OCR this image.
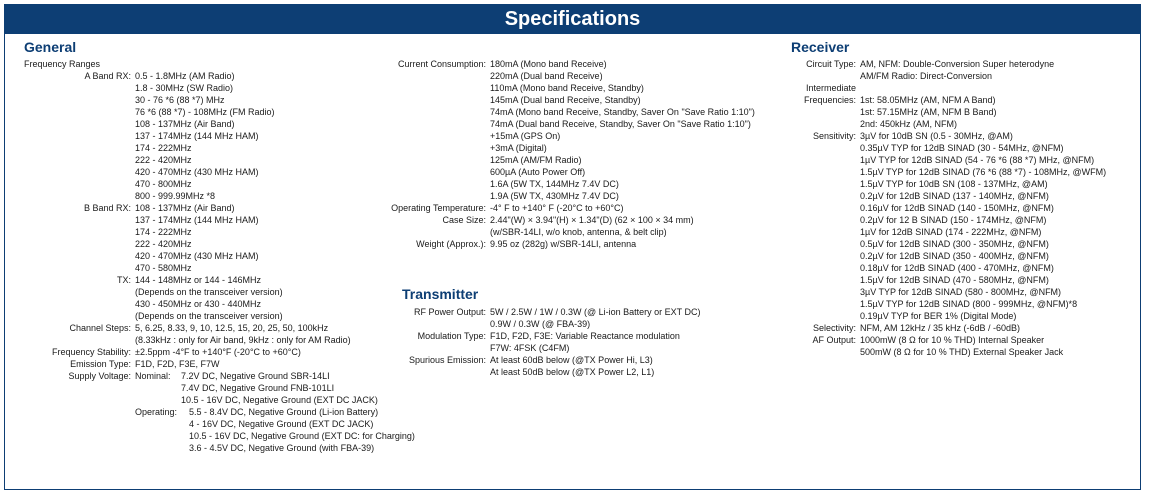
Specifications
General
Frequency Ranges
A Band RX: 0.5 - 1.8MHz (AM Radio)
1.8 - 30MHz (SW Radio)
30 - 76 *6 (88 *7) MHz
76 *6 (88 *7) - 108MHz (FM Radio)
108 - 137MHz (Air Band)
137 - 174MHz (144 MHz HAM)
174 - 222MHz
222 - 420MHz
420 - 470MHz (430 MHz HAM)
470 - 800MHz
800 - 999.99MHz *8
B Band RX: 108 - 137MHz (Air Band)
137 - 174MHz (144 MHz HAM)
174 - 222MHz
222 - 420MHz
420 - 470MHz (430 MHz HAM)
470 - 580MHz
TX: 144 - 148MHz or 144 - 146MHz
(Depends on the transceiver version)
430 - 450MHz or 430 - 440MHz
(Depends on the transceiver version)
Channel Steps: 5, 6.25, 8.33, 9, 10, 12.5, 15, 20, 25, 50, 100kHz
(8.33kHz : only for Air band, 9kHz : only for AM Radio)
Frequency Stability: ±2.5ppm -4°F to +140°F (-20°C to +60°C)
Emission Type: F1D, F2D, F3E, F7W
Supply Voltage: Nominal:	7.2V DC, Negative Ground SBR-14LI
7.4V DC, Negative Ground FNB-101LI
10.5 - 16V DC, Negative Ground (EXT DC JACK)
Operating:	5.5 - 8.4V DC, Negative Ground (Li-ion Battery)
4 - 16V DC, Negative Ground (EXT DC JACK)
10.5 - 16V DC, Negative Ground (EXT DC: for Charging)
3.6 - 4.5V DC, Negative Ground (with FBA-39)
Current Consumption: 180mA (Mono band Receive)
220mA (Dual band Receive)
110mA (Mono band Receive, Standby)
145mA (Dual band Receive, Standby)
74mA (Mono band Receive, Standby, Saver On "Save Ratio 1:10")
74mA (Dual band Receive, Standby, Saver On "Save Ratio 1:10")
+15mA (GPS On)
+3mA (Digital)
125mA (AM/FM Radio)
600µA (Auto Power Off)
1.6A (5W TX, 144MHz 7.4V DC)
1.9A (5W TX, 430MHz 7.4V DC)
Operating Temperature: -4° F to +140° F (-20°C to +60°C)
Case Size: 2.44"(W) × 3.94"(H) × 1.34"(D) (62 × 100 × 34 mm)
(w/SBR-14LI, w/o knob, antenna, & belt clip)
Weight (Approx.): 9.95 oz (282g) w/SBR-14LI, antenna
Transmitter
RF Power Output: 5W / 2.5W / 1W / 0.3W (@ Li-ion Battery or EXT DC)
0.9W / 0.3W (@ FBA-39)
Modulation Type: F1D, F2D, F3E: Variable Reactance modulation
F7W: 4FSK (C4FM)
Spurious Emission: At least 60dB below (@TX Power Hi, L3)
At least 50dB below (@TX Power L2, L1)
Receiver
Circuit Type: AM, NFM: Double-Conversion Super heterodyne
AM/FM Radio: Direct-Conversion
Intermediate
Frequencies: 1st: 58.05MHz (AM, NFM A Band)
1st: 57.15MHz (AM, NFM B Band)
2nd: 450kHz (AM, NFM)
Sensitivity: 3µV for 10dB SN (0.5 - 30MHz, @AM)
0.35µV TYP for 12dB SINAD (30 - 54MHz, @NFM)
1µV TYP for 12dB SINAD (54 - 76 *6 (88 *7) MHz, @NFM)
1.5µV TYP for 12dB SINAD (76 *6 (88 *7) - 108MHz, @WFM)
1.5µV TYP for 10dB SN (108 - 137MHz, @AM)
0.2µV for 12dB SINAD (137 - 140MHz, @NFM)
0.16µV for 12dB SINAD (140 - 150MHz, @NFM)
0.2µV for 12 B SINAD (150 - 174MHz, @NFM)
1µV for 12dB SINAD (174 - 222MHz, @NFM)
0.5µV for 12dB SINAD (300 - 350MHz, @NFM)
0.2µV for 12dB SINAD (350 - 400MHz, @NFM)
0.18µV for 12dB SINAD (400 - 470MHz, @NFM)
1.5µV for 12dB SINAD (470 - 580MHz, @NFM)
3µV TYP for 12dB SINAD (580 - 800MHz, @NFM)
1.5µV TYP for 12dB SINAD (800 - 999MHz, @NFM)*8
0.19µV TYP for BER 1% (Digital Mode)
Selectivity: NFM, AM 12kHz / 35 kHz (-6dB / -60dB)
AF Output: 1000mW (8 Ω for 10 % THD) Internal Speaker
500mW (8 Ω for 10 % THD) External Speaker Jack
